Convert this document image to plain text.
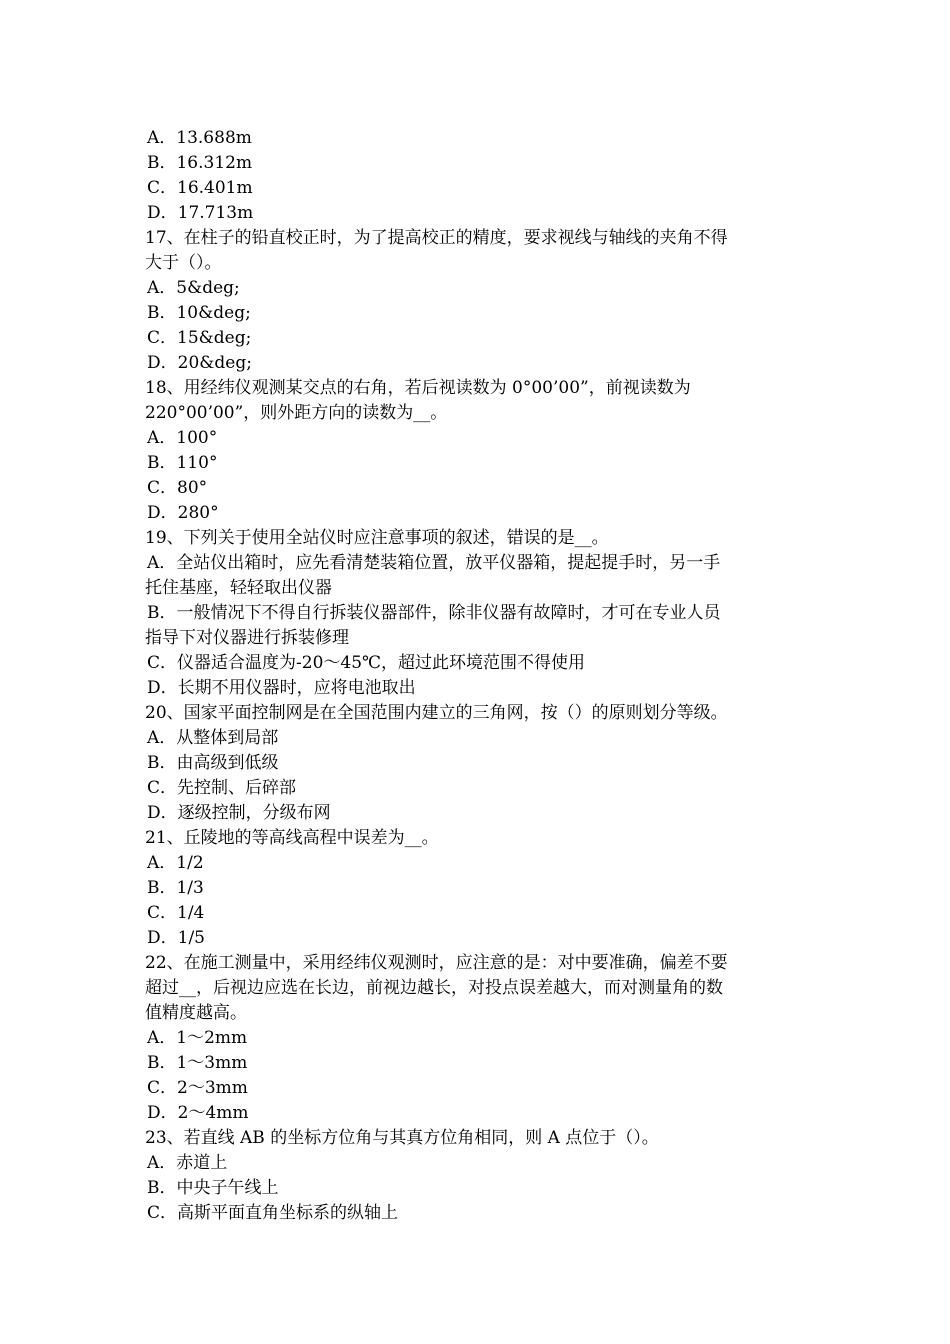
A．13.688m
B．16.312m
C．16.401m
D．17.713m
17、在柱子的铅直校正时，为了提高校正的精度，要求视线与轴线的夹角不得
大于（）。
A．5&deg;
B．10&deg;
C．15&deg;
D．20&deg;
18、用经纬仪观测某交点的右角，若后视读数为 0°00’00”，前视读数为
220°00’00”，则外距方向的读数为__。
A．100°
B．110°
C．80°
D．280°
19、下列关于使用全站仪时应注意事项的叙述，错误的是__。
A．全站仪出箱时，应先看清楚装箱位置，放平仪器箱，提起提手时，另一手
托住基座，轻轻取出仪器
B．一般情况下不得自行拆装仪器部件，除非仪器有故障时，才可在专业人员
指导下对仪器进行拆装修理
C．仪器适合温度为-20～45℃，超过此环境范围不得使用
D．长期不用仪器时，应将电池取出
20、国家平面控制网是在全国范围内建立的三角网，按（）的原则划分等级。
A．从整体到局部
B．由高级到低级
C．先控制、后碎部
D．逐级控制，分级布网
21、丘陵地的等高线高程中误差为__。
A．1/2
B．1/3
C．1/4
D．1/5
22、在施工测量中，采用经纬仪观测时，应注意的是：对中要准确，偏差不要
超过__，后视边应选在长边，前视边越长，对投点误差越大，而对测量角的数
值精度越高。
A．1～2mm
B．1～3mm
C．2～3mm
D．2～4mm
23、若直线 AB 的坐标方位角与其真方位角相同，则 A 点位于（）。
A．赤道上
B．中央子午线上
C．高斯平面直角坐标系的纵轴上
